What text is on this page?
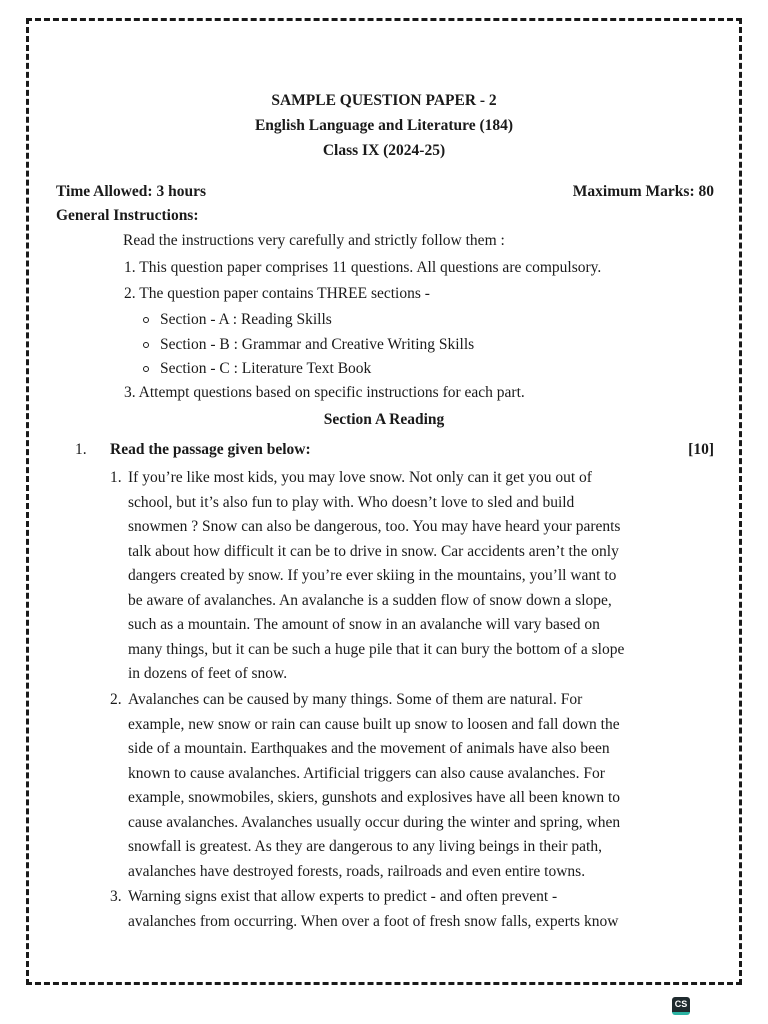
SAMPLE QUESTION PAPER - 2
English Language and Literature (184)
Class IX (2024-25)
Time Allowed: 3 hours	Maximum Marks: 80
General Instructions:
Read the instructions very carefully and strictly follow them :
1. This question paper comprises 11 questions. All questions are compulsory.
2. The question paper contains THREE sections -
Section - A : Reading Skills
Section - B : Grammar and Creative Writing Skills
Section - C : Literature Text Book
3. Attempt questions based on specific instructions for each part.
Section A Reading
1. Read the passage given below:	[10]
1. If you’re like most kids, you may love snow. Not only can it get you out of
school, but it’s also fun to play with. Who doesn’t love to sled and build
snowmen ? Snow can also be dangerous, too. You may have heard your parents
talk about how difficult it can be to drive in snow. Car accidents aren’t the only
dangers created by snow. If you’re ever skiing in the mountains, you’ll want to
be aware of avalanches. An avalanche is a sudden flow of snow down a slope,
such as a mountain. The amount of snow in an avalanche will vary based on
many things, but it can be such a huge pile that it can bury the bottom of a slope
in dozens of feet of snow.
2. Avalanches can be caused by many things. Some of them are natural. For
example, new snow or rain can cause built up snow to loosen and fall down the
side of a mountain. Earthquakes and the movement of animals have also been
known to cause avalanches. Artificial triggers can also cause avalanches. For
example, snowmobiles, skiers, gunshots and explosives have all been known to
cause avalanches. Avalanches usually occur during the winter and spring, when
snowfall is greatest. As they are dangerous to any living beings in their path,
avalanches have destroyed forests, roads, railroads and even entire towns.
3. Warning signs exist that allow experts to predict - and often prevent -
avalanches from occurring. When over a foot of fresh snow falls, experts know
CS
